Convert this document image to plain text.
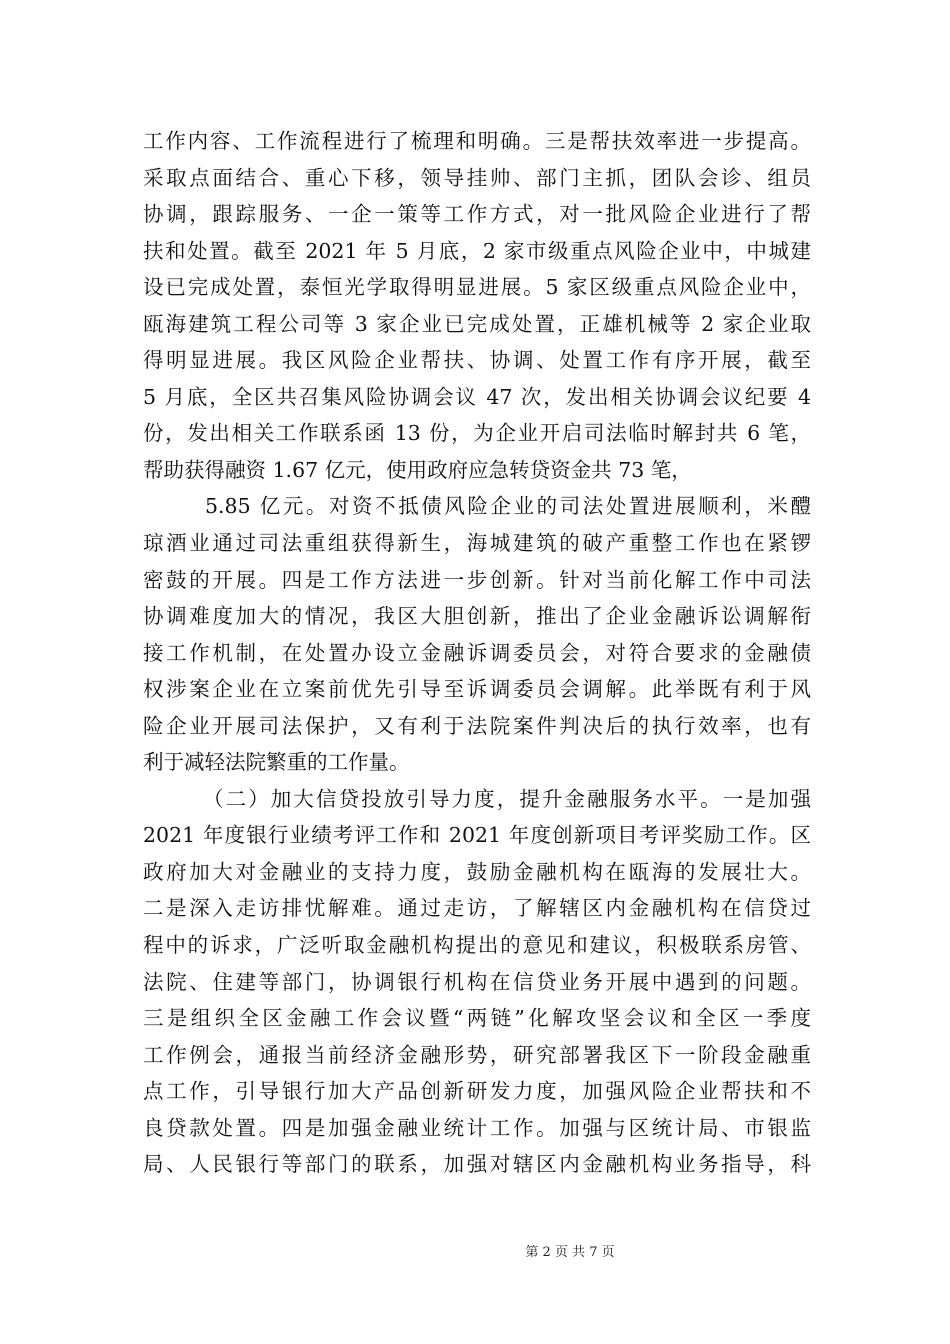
工作内容、工作流程进行了梳理和明确。三是帮扶效率进一步提高。
采取点面结合、重心下移，领导挂帅、部门主抓，团队会诊、组员
协调，跟踪服务、一企一策等工作方式，对一批风险企业进行了帮
扶和处置。截至 2021 年 5 月底，2 家市级重点风险企业中，中城建
设已完成处置，泰恒光学取得明显进展。5 家区级重点风险企业中，
瓯海建筑工程公司等 3 家企业已完成处置，正雄机械等 2 家企业取
得明显进展。我区风险企业帮扶、协调、处置工作有序开展，截至
5 月底，全区共召集风险协调会议 47 次，发出相关协调会议纪要 4
份，发出相关工作联系函 13 份，为企业开启司法临时解封共 6 笔，
帮助获得融资 1.67 亿元，使用政府应急转贷资金共 73 笔，
5.85 亿元。对资不抵债风险企业的司法处置进展顺利，米醴
琼酒业通过司法重组获得新生，海城建筑的破产重整工作也在紧锣
密鼓的开展。四是工作方法进一步创新。针对当前化解工作中司法
协调难度加大的情况，我区大胆创新，推出了企业金融诉讼调解衔
接工作机制，在处置办设立金融诉调委员会，对符合要求的金融债
权涉案企业在立案前优先引导至诉调委员会调解。此举既有利于风
险企业开展司法保护，又有利于法院案件判决后的执行效率，也有
利于减轻法院繁重的工作量。
（二）加大信贷投放引导力度，提升金融服务水平。一是加强
2021 年度银行业绩考评工作和 2021 年度创新项目考评奖励工作。区
政府加大对金融业的支持力度，鼓励金融机构在瓯海的发展壮大。
二是深入走访排忧解难。通过走访，了解辖区内金融机构在信贷过
程中的诉求，广泛听取金融机构提出的意见和建议，积极联系房管、
法院、住建等部门，协调银行机构在信贷业务开展中遇到的问题。
三是组织全区金融工作会议暨“两链”化解攻坚会议和全区一季度
工作例会，通报当前经济金融形势，研究部署我区下一阶段金融重
点工作，引导银行加大产品创新研发力度，加强风险企业帮扶和不
良贷款处置。四是加强金融业统计工作。加强与区统计局、市银监
局、人民银行等部门的联系，加强对辖区内金融机构业务指导，科
第 2 页 共 7 页
